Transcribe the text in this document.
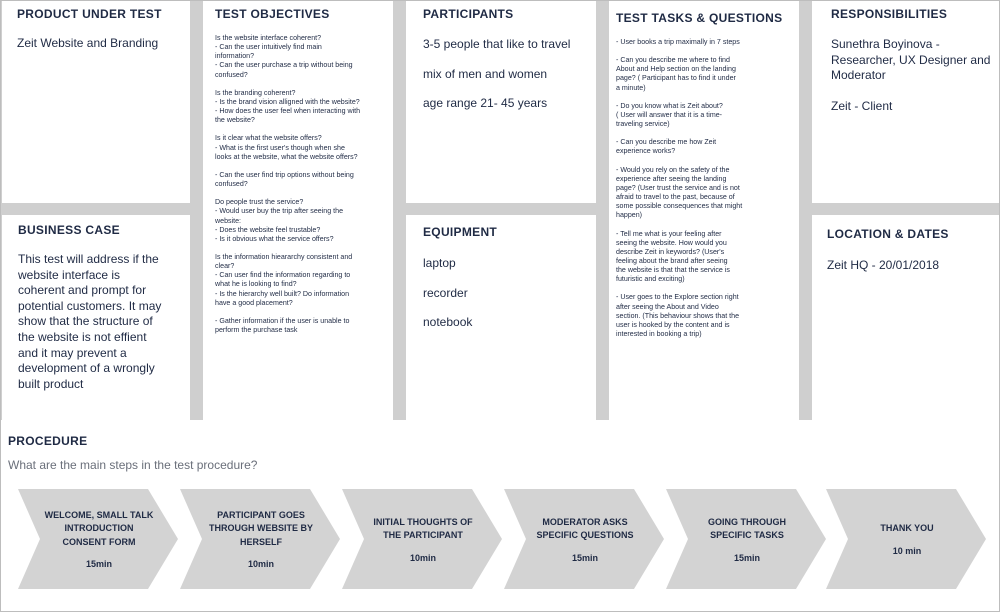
PRODUCT UNDER TEST
Zeit Website and Branding
BUSINESS CASE
This test will address if the
website interface is
coherent and prompt for
potential customers. It may
show that the structure of
the website is not effient
and it may prevent a
development of a wrongly
built product
TEST OBJECTIVES

Is the website interface coherent?
- Can the user intuitively find main
information?
- Can the user purchase a trip without being
confused?

Is the branding coherent?
- Is the brand vision alligned with the website?
- How does the user feel when interacting with
the website?

Is it clear what the website offers?
- What is the first user's though when she
looks at the website, what the website offers?

- Can the user find trip options without being
confused?

Do people trust the service?
- Would user buy the trip after seeing the
website:
- Does the website feel trustable?
- Is it obvious what the service offers?

Is the information hieararchy consistent and
clear?
- Can user find the information regarding to
what he is looking to find?
- Is the hierarchy well built? Do information
have a good placement?

- Gather information if the user is unable to
perform the purchase task

PARTICIPANTS
3-5 people that like to travel
mix of men and women
age range 21- 45 years
EQUIPMENT
laptop
recorder
notebook
TEST TASKS & QUESTIONS

- User books a trip maximally in 7 steps

- Can you describe me where to find
About and Help section on the landing
page? ( Participant has to find it under
a minute)

- Do you know what is Zeit about?
( User will answer that it is a time-
traveling service)

- Can you describe me how Zeit
experience works?

- Would you rely on the safety of the
experience after seeing the landing
page? (User trust the service and is not
afraid to travel to the past, because of
some possible consequences that might
happen)

- Tell me what is your feeling after
seeing the website. How would you
describe Zeit in keywords? (User's
feeling about the brand after seeing
the website is that that the service is
futuristic and exciting)

- User goes to the Explore section right
after seeing the About and Video
section. (This behaviour shows that the
user is hooked by the content and is
interested in booking a trip)

RESPONSIBILITIES
Sunethra Boyinova -
Researcher, UX Designer and
Moderator
Zeit - Client
LOCATION & DATES
Zeit HQ - 20/01/2018
PROCEDURE
What are the main steps in the test procedure?
WELCOME, SMALL TALK
INTRODUCTION
CONSENT FORM
15min
PARTICIPANT GOES
THROUGH WEBSITE BY
HERSELF
10min
INITIAL THOUGHTS OF
THE PARTICIPANT
10min
MODERATOR ASKS
SPECIFIC QUESTIONS
15min
GOING THROUGH
SPECIFIC TASKS
15min
THANK YOU
10 min
